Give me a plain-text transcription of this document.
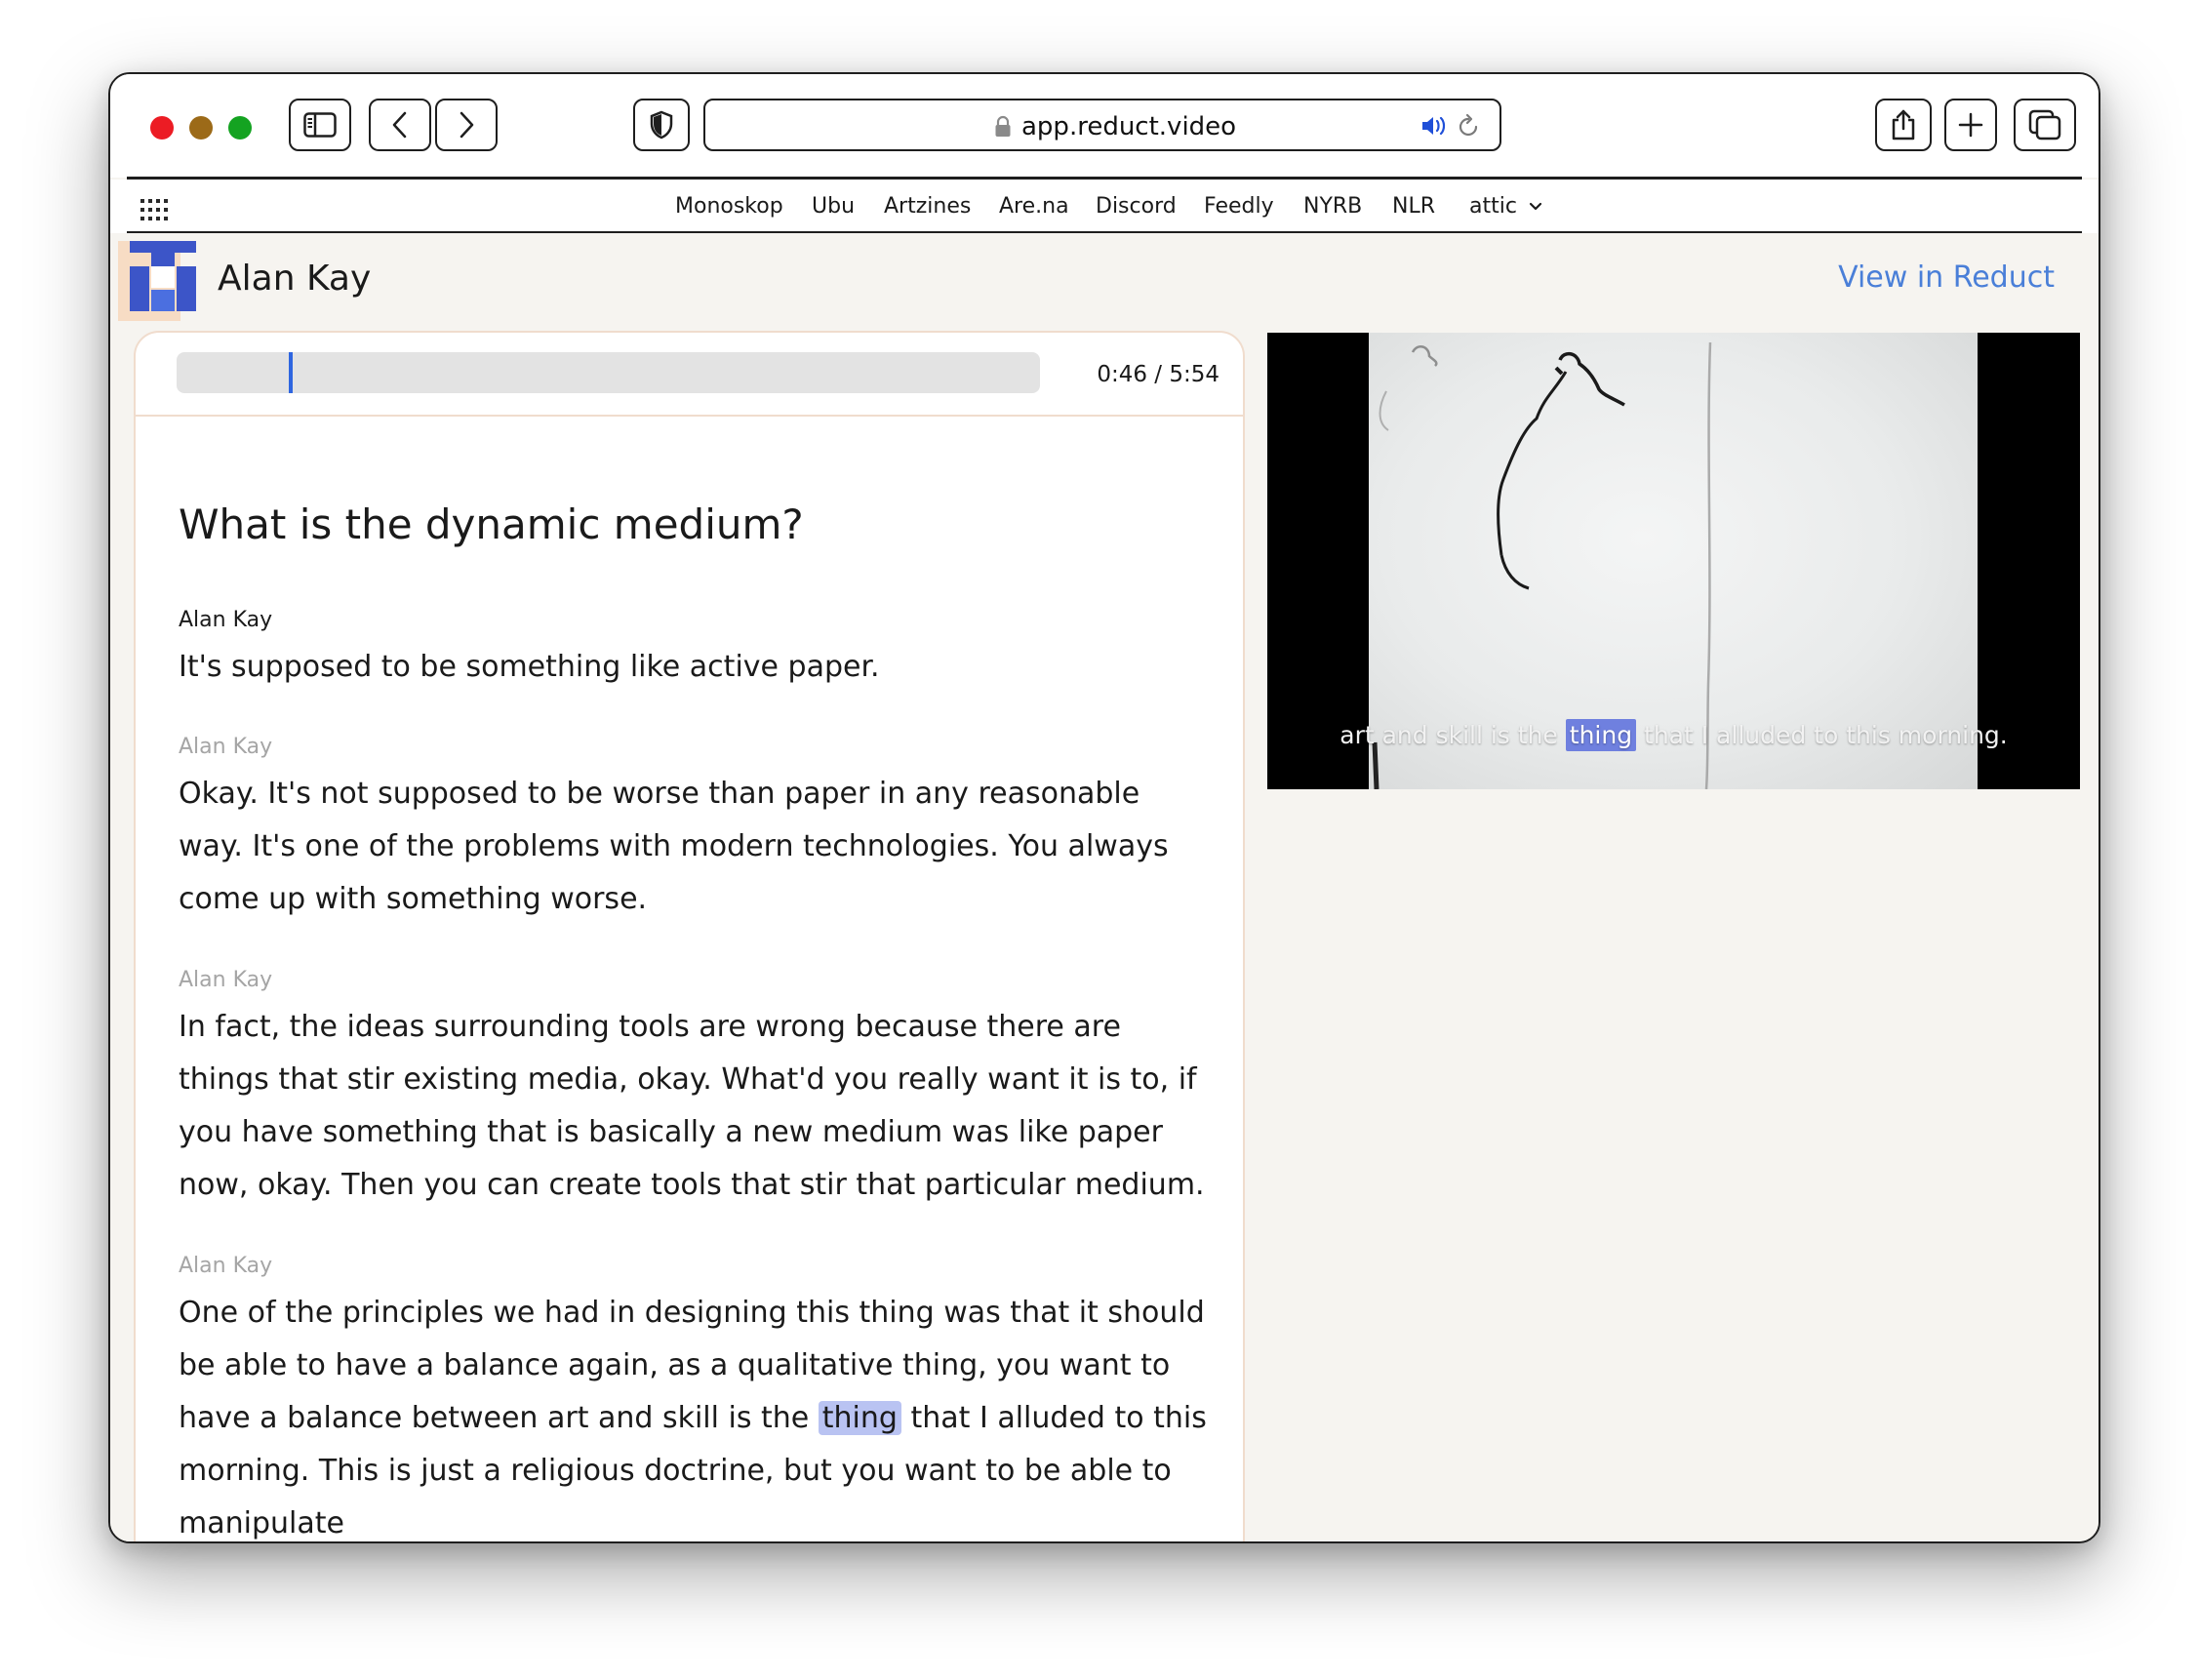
app.reduct.video
Monoskop Ubu Artzines Are.na Discord Feedly NYRB NLR attic
Alan Kay	View in Reduct
0:46 / 5:54
What is the dynamic medium?
Alan Kay
It's supposed to be something like active paper.
Alan Kay
Okay. It's not supposed to be worse than paper in any reasonable way. It's one of the problems with modern technologies. You always come up with something worse.
Alan Kay
In fact, the ideas surrounding tools are wrong because there are things that stir existing media, okay. What'd you really want it is to, if you have something that is basically a new medium was like paper now, okay. Then you can create tools that stir that particular medium.
Alan Kay
One of the principles we had in designing this thing was that it should be able to have a balance again, as a qualitative thing, you want to have a balance between art and skill is the thing that I alluded to this morning. This is just a religious doctrine, but you want to be able to manipulate
art and skill is the thing that I alluded to this morning.
